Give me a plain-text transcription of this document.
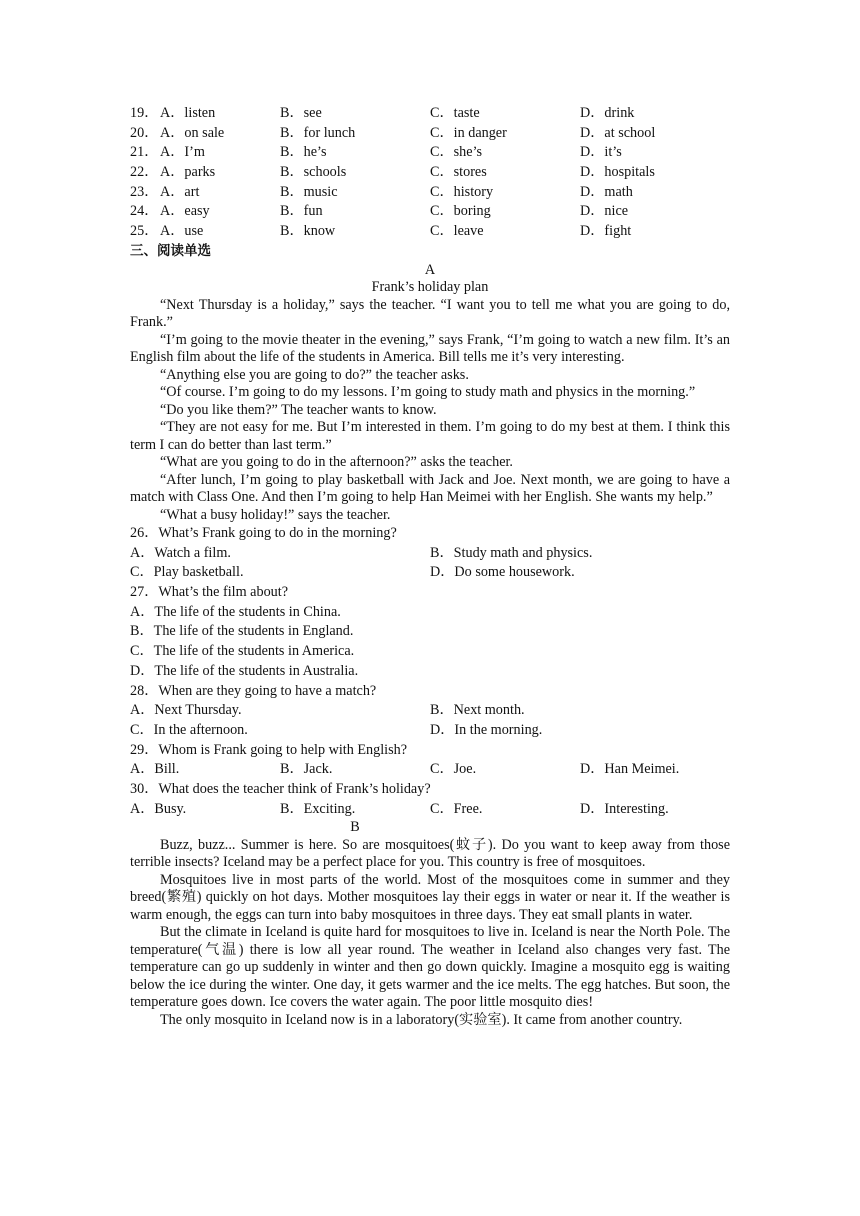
19． A．listen	B．see	C．taste	D．drink
20． A．on sale	B．for lunch	C．in danger	D．at school
21． A．I’m	B．he’s	C．she’s	D．it’s
22． A．parks	B．schools	C．stores	D．hospitals
23． A．art	B．music	C．history	D．math
24． A．easy	B．fun	C．boring	D．nice
25． A．use	B．know	C．leave	D．fight
三、阅读单选
A
Frank’s holiday plan

“Next Thursday is a holiday,” says the teacher. “I want you to tell me what you are going to do, Frank.”

“I’m going to the movie theater in the evening,” says Frank, “I’m going to watch a new film. It’s an English film about the life of the students in America. Bill tells me it’s very interesting.

“Anything else you are going to do?” the teacher asks.

“Of course. I’m going to do my lessons. I’m going to study math and physics in the morning.”

“Do you like them?” The teacher wants to know.

“They are not easy for me. But I’m interested in them. I’m going to do my best at them. I think this term I can do better than last term.”

“What are you going to do in the afternoon?” asks the teacher.

“After lunch, I’m going to play basketball with Jack and Joe. Next month, we are going to have a match with Class One. And then I’m going to help Han Meimei with her English. She wants my help.”

“What a busy holiday!” says the teacher.

26．What’s Frank going to do in the morning?
A．Watch a film.	B．Study math and physics.
C．Play basketball.	D．Do some housework.
27．What’s the film about?
A．The life of the students in China.
B．The life of the students in England.
C．The life of the students in America.
D．The life of the students in Australia.
28．When are they going to have a match?
A．Next Thursday.	B．Next month.
C．In the afternoon.	D．In the morning.
29．Whom is Frank going to help with English?
A．Bill.	B．Jack.	C．Joe.	D．Han Meimei.
30．What does the teacher think of Frank’s holiday?
A．Busy.	B．Exciting.	C．Free.	D．Interesting.
B

Buzz, buzz... Summer is here. So are mosquitoes(蚊子). Do you want to keep away from those terrible insects? Iceland may be a perfect place for you. This country is free of mosquitoes.

Mosquitoes live in most parts of the world. Most of the mosquitoes come in summer and they breed(繁殖) quickly on hot days. Mother mosquitoes lay their eggs in water or near it. If the weather is warm enough, the eggs can turn into baby mosquitoes in three days. They eat small plants in water.

But the climate in Iceland is quite hard for mosquitoes to live in. Iceland is near the North Pole. The temperature(气温) there is low all year round. The weather in Iceland also changes very fast. The temperature can go up suddenly in winter and then go down quickly. Imagine a mosquito egg is waiting below the ice during the winter. One day, it gets warmer and the ice melts. The egg hatches. But soon, the temperature goes down. Ice covers the water again. The poor little mosquito dies!

The only mosquito in Iceland now is in a laboratory(实验室). It came from another country.
